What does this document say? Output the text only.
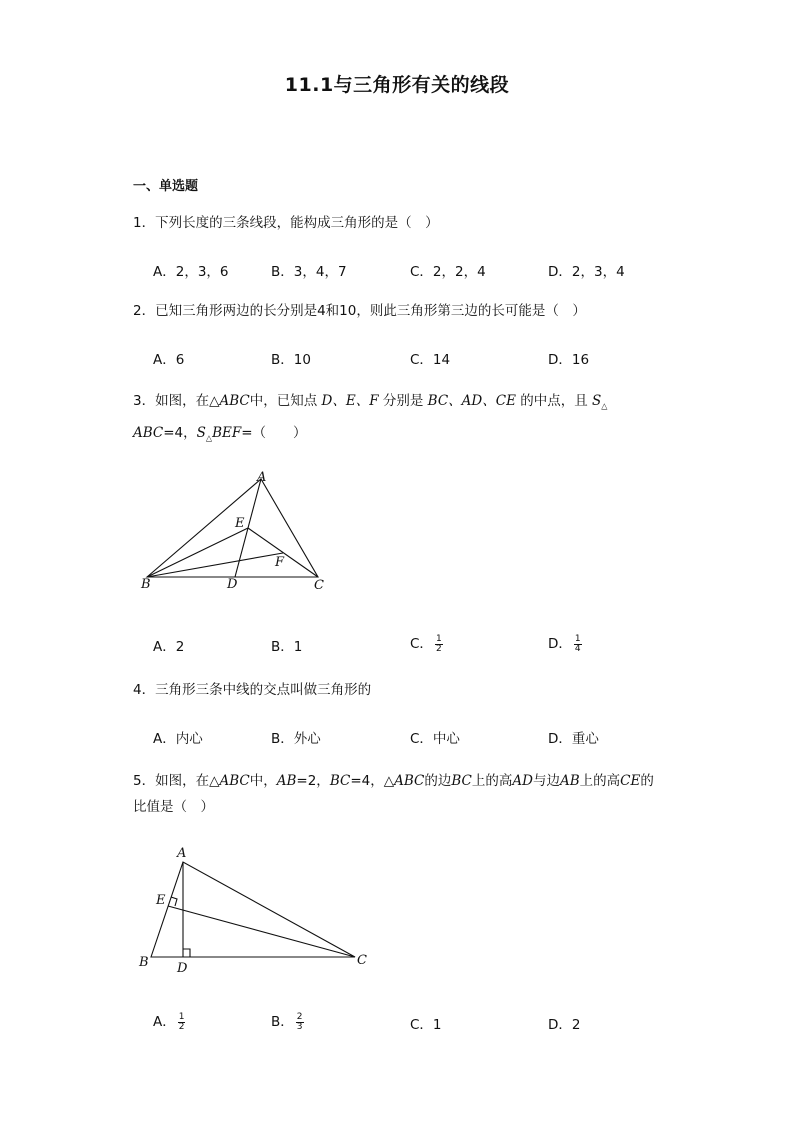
11.1与三角形有关的线段
一、单选题
1．下列长度的三条线段，能构成三角形的是（　）
A．2，3，6	B．3，4，7	C．2，2，4	D．2，3，4
2．已知三角形两边的长分别是4和10，则此三角形第三边的长可能是（　）
A．6	B．10	C．14	D．16
3．如图，在△ABC中，已知点 D、E、F 分别是 BC、AD、CE 的中点，且 $S_\triangle$
ABC=4，$S_\triangle BEF=$（　　）
A
B	C
D
E
F
A．2	B．1	C． $\frac{1}{2}$	D． $\frac{1}{4}$
4．三角形三条中线的交点叫做三角形的
A．内心	B．外心	C．中心	D．重心
5．如图，在△ABC中，AB=2，BC=4，△ABC的边BC上的高AD与边AB上的高CE的
比值是（　）
A
B	C
D
E
A． $\frac{1}{2}$	B． $\frac{2}{3}$	C．1	D．2
